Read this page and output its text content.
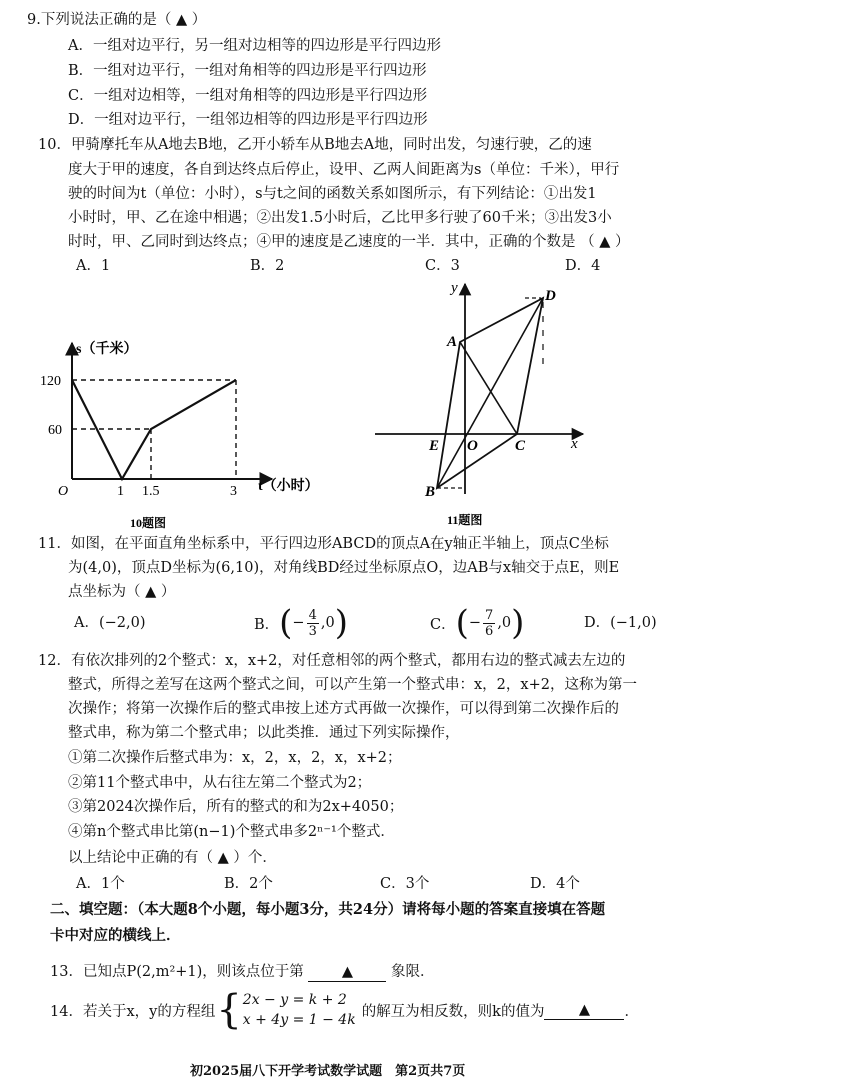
9.下列说法正确的是（ ▲ ）
A．一组对边平行，另一组对边相等的四边形是平行四边形
B．一组对边平行，一组对角相等的四边形是平行四边形
C．一组对边相等，一组对角相等的四边形是平行四边形
D．一组对边平行，一组邻边相等的四边形是平行四边形
10．甲骑摩托车从A地去B地，乙开小轿车从B地去A地，同时出发，匀速行驶，乙的速
度大于甲的速度，各自到达终点后停止，设甲、乙两人间距离为s（单位：千米），甲行
驶的时间为t（单位：小时），s与t之间的函数关系如图所示，有下列结论：①出发1
小时时，甲、乙在途中相遇；②出发1.5小时后，乙比甲多行驶了60千米；③出发3小
时时，甲、乙同时到达终点；④甲的速度是乙速度的一半．其中，正确的个数是 （ ▲ ）
A．1	B．2	C．3	D．4
s（千米）
t（小时）
120
60
O	1 1.5	3
10题图
y
x
A
D
E O C
B
11题图
11．如图，在平面直角坐标系中，平行四边形ABCD的顶点A在y轴正半轴上，顶点C坐标
为(4,0)，顶点D坐标为(6,10)，对角线BD经过坐标原点O，边AB与x轴交于点E，则E
点坐标为（ ▲ ）
A．(−2,0)	B． ( − $\frac{4}{3} ,0$ )	C． ( − $\frac{7}{6} ,0$ )	D．(−1,0)
12．有依次排列的2个整式：x，x+2，对任意相邻的两个整式，都用右边的整式减去左边的
整式，所得之差写在这两个整式之间，可以产生第一个整式串：x，2，x+2，这称为第一
次操作；将第一次操作后的整式串按上述方式再做一次操作，可以得到第二次操作后的
整式串，称为第二个整式串；以此类推．通过下列实际操作，
①第二次操作后整式串为：x，2，x，2，x，x+2；
②第11个整式串中，从右往左第二个整式为2；
③第2024次操作后，所有的整式的和为2x+4050；
④第n个整式串比第(n−1)个整式串多2ⁿ⁻¹个整式．
以上结论中正确的有（ ▲ ）个．
A．1个	B．2个	C．3个	D．4个
二、填空题：（本大题8个小题，每小题3分，共24分）请将每小题的答案直接填在答题
卡中对应的横线上．
13．已知点P(2,m²+1)，则该点位于第	▲	象限．
14．若关于x，y的方程组 { 2x − y = k + 2
x + 4y = 1 − 4k
的解互为相反数，则k的值为	▲	．
初2025届八下开学考试数学试题　第2页共7页
